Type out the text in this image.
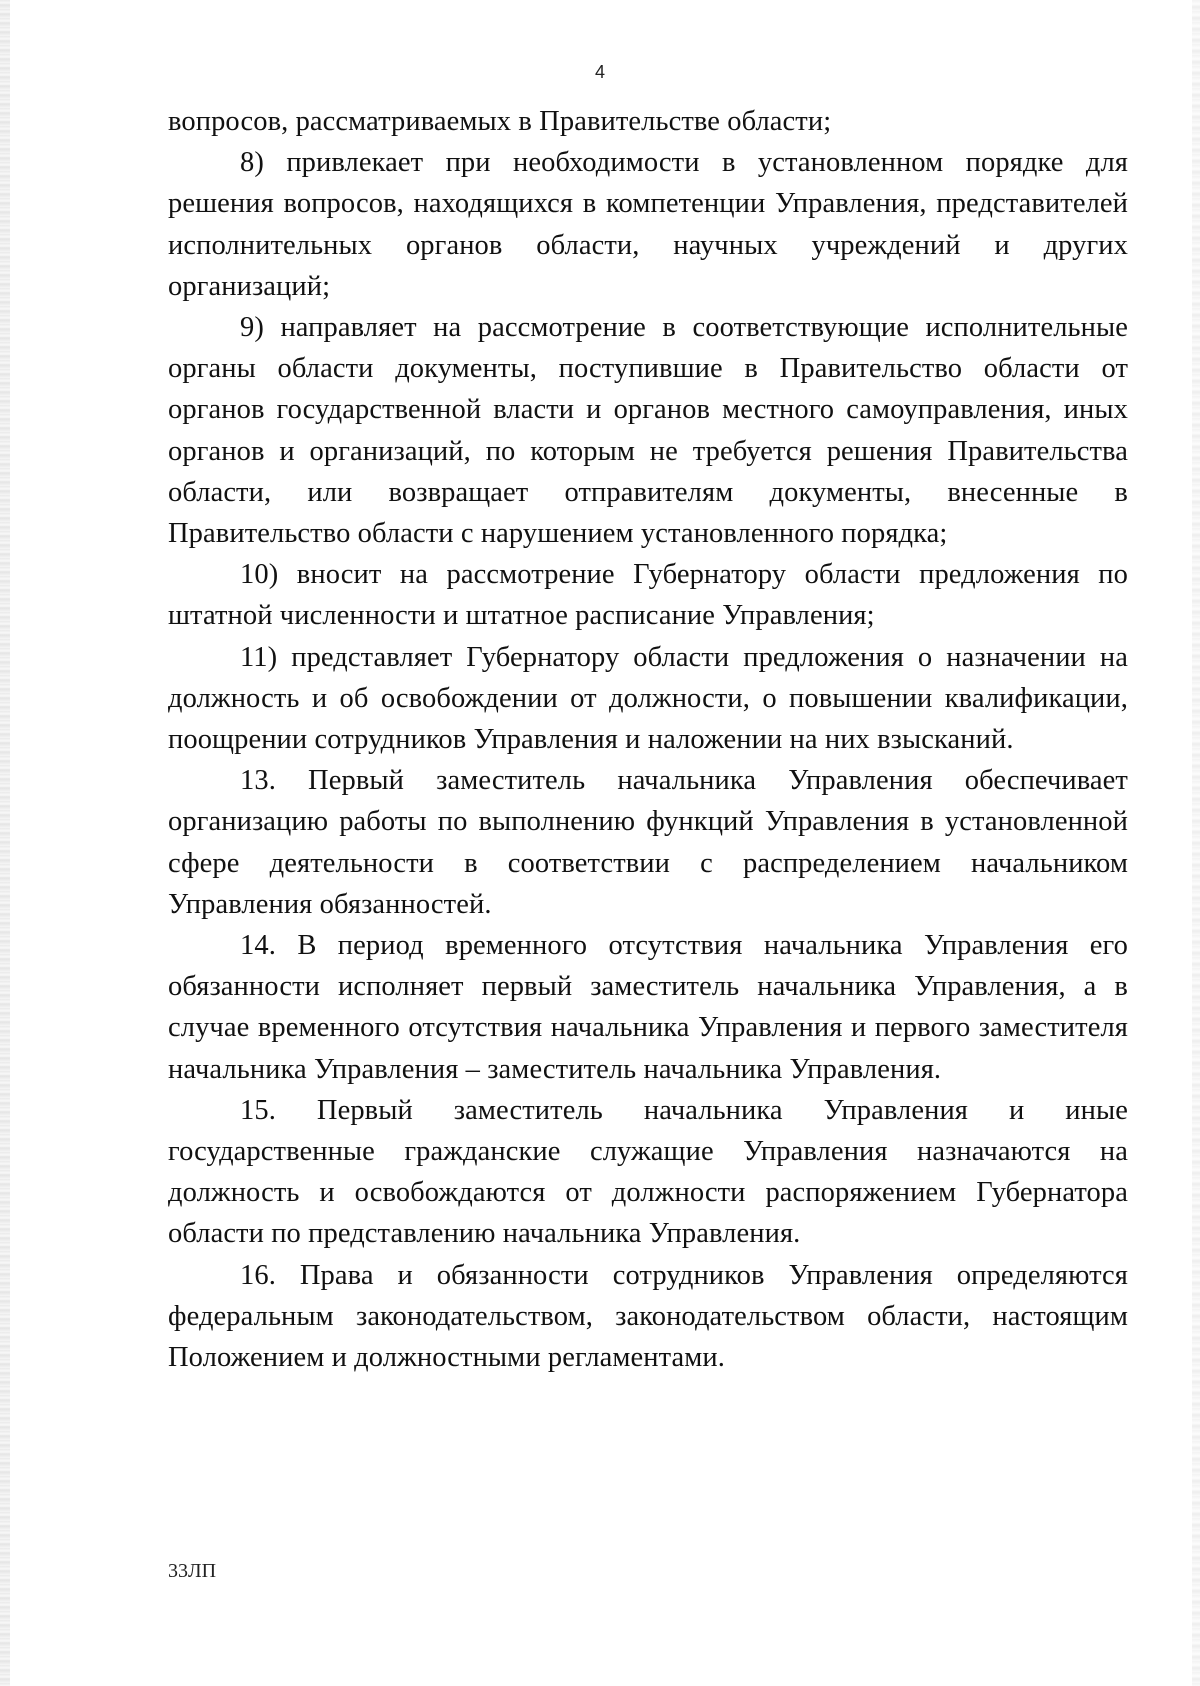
4

вопросов, рассматриваемых в Правительстве области;

8) привлекает при необходимости в установленном порядке для решения вопросов, находящихся в компетенции Управления, представителей исполнительных органов области, научных учреждений и других организаций;

9) направляет на рассмотрение в соответствующие исполнительные органы области документы, поступившие в Правительство области от органов государственной власти и органов местного самоуправления, иных органов и организаций, по которым не требуется решения Правительства области, или возвращает отправителям документы, внесенные в Правительство области с нарушением установленного порядка;

10) вносит на рассмотрение Губернатору области предложения по штатной численности и штатное расписание Управления;

11) представляет Губернатору области предложения о назначении на должность и об освобождении от должности, о повышении квалификации, поощрении сотрудников Управления и наложении на них взысканий.

13. Первый заместитель начальника Управления обеспечивает организацию работы по выполнению функций Управления в установленной сфере деятельности в соответствии с распределением начальником Управления обязанностей.

14. В период временного отсутствия начальника Управления его обязанности исполняет первый заместитель начальника Управления, а в случае временного отсутствия начальника Управления и первого заместителя начальника Управления – заместитель начальника Управления.

15. Первый заместитель начальника Управления и иные государственные гражданские служащие Управления назначаются на должность и освобождаются от должности распоряжением Губернатора области по представлению начальника Управления.

16. Права и обязанности сотрудников Управления определяются федеральным законодательством, законодательством области, настоящим Положением и должностными регламентами.

33ЛП
